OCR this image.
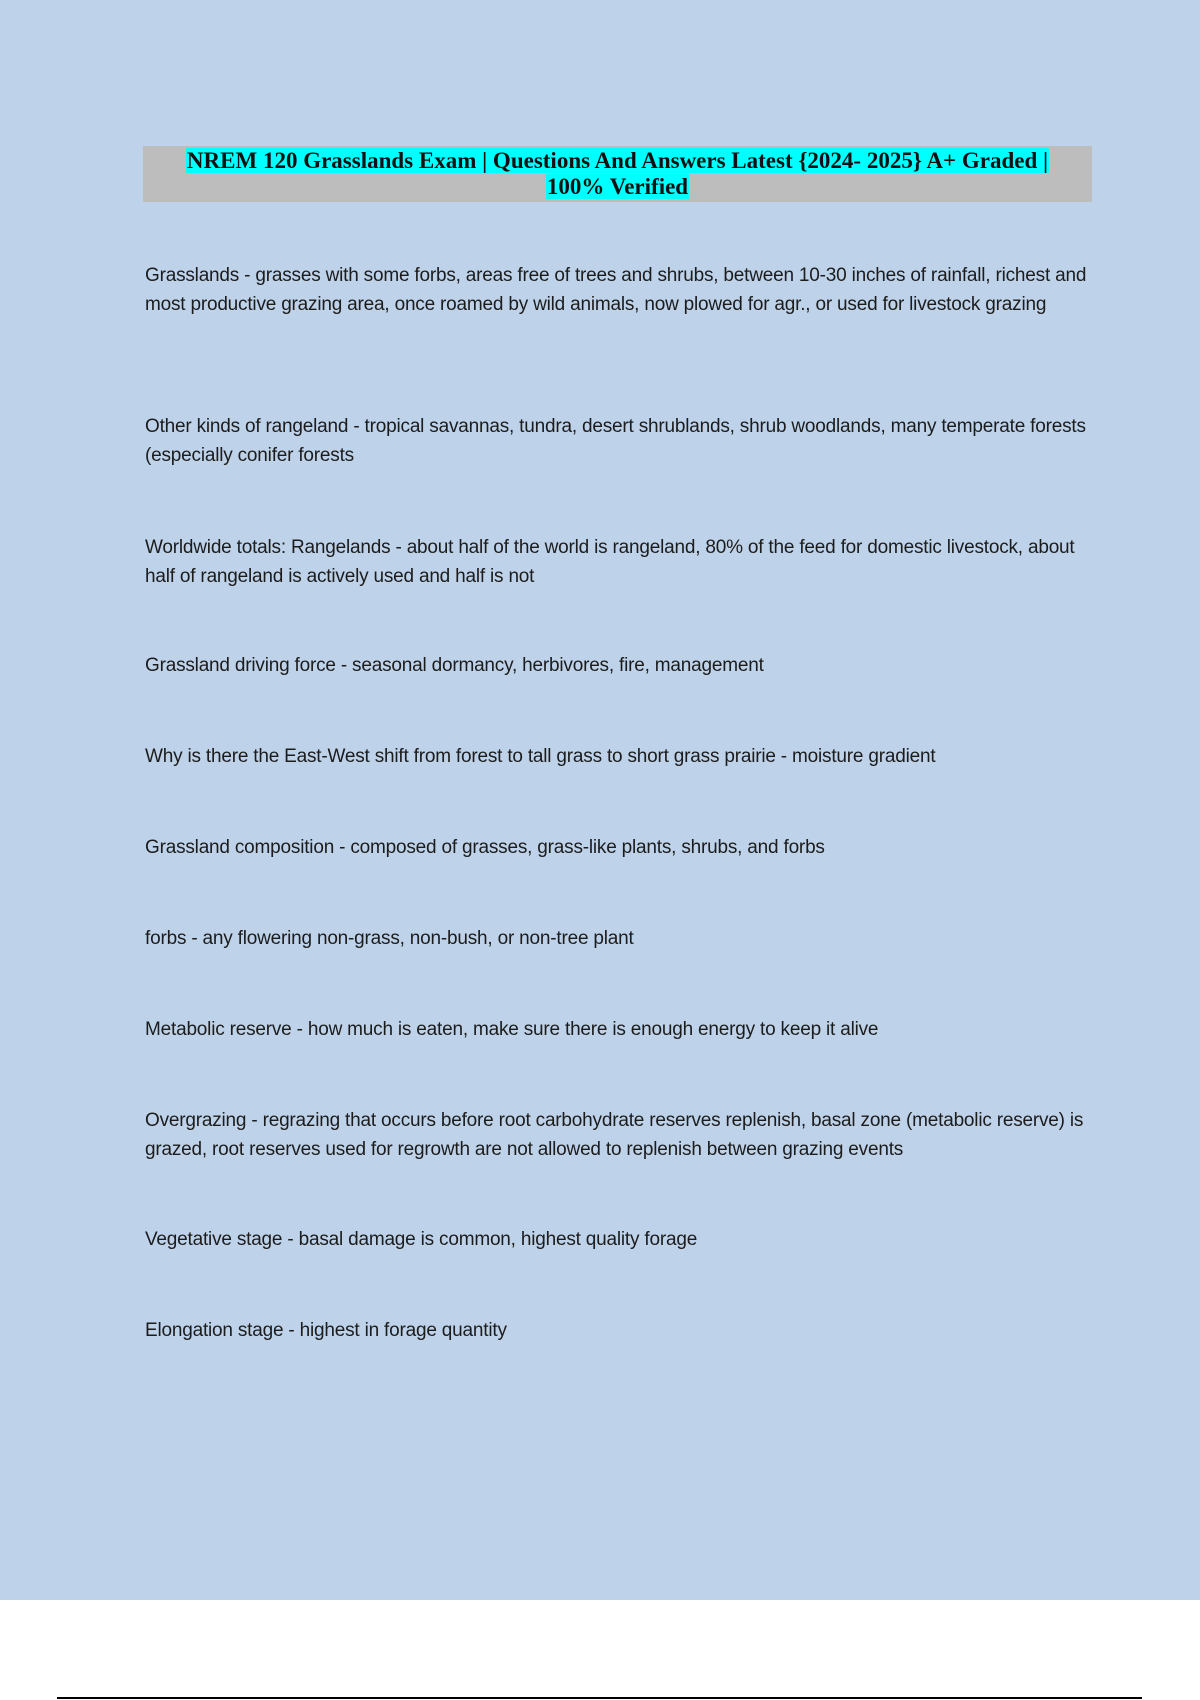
NREM 120 Grasslands Exam | Questions And Answers Latest {2024- 2025} A+ Graded |
100% Verified

Grasslands - grasses with some forbs, areas free of trees and shrubs, between 10-30 inches of rainfall, richest and most productive grazing area, once roamed by wild animals, now plowed for agr., or used for livestock grazing

Other kinds of rangeland - tropical savannas, tundra, desert shrublands, shrub woodlands, many temperate forests (especially conifer forests

Worldwide totals: Rangelands - about half of the world is rangeland, 80% of the feed for domestic livestock, about half of rangeland is actively used and half is not

Grassland driving force - seasonal dormancy, herbivores, fire, management

Why is there the East-West shift from forest to tall grass to short grass prairie - moisture gradient

Grassland composition - composed of grasses, grass-like plants, shrubs, and forbs

forbs - any flowering non-grass, non-bush, or non-tree plant

Metabolic reserve - how much is eaten, make sure there is enough energy to keep it alive

Overgrazing - regrazing that occurs before root carbohydrate reserves replenish, basal zone (metabolic reserve) is grazed, root reserves used for regrowth are not allowed to replenish between grazing events

Vegetative stage - basal damage is common, highest quality forage

Elongation stage - highest in forage quantity
